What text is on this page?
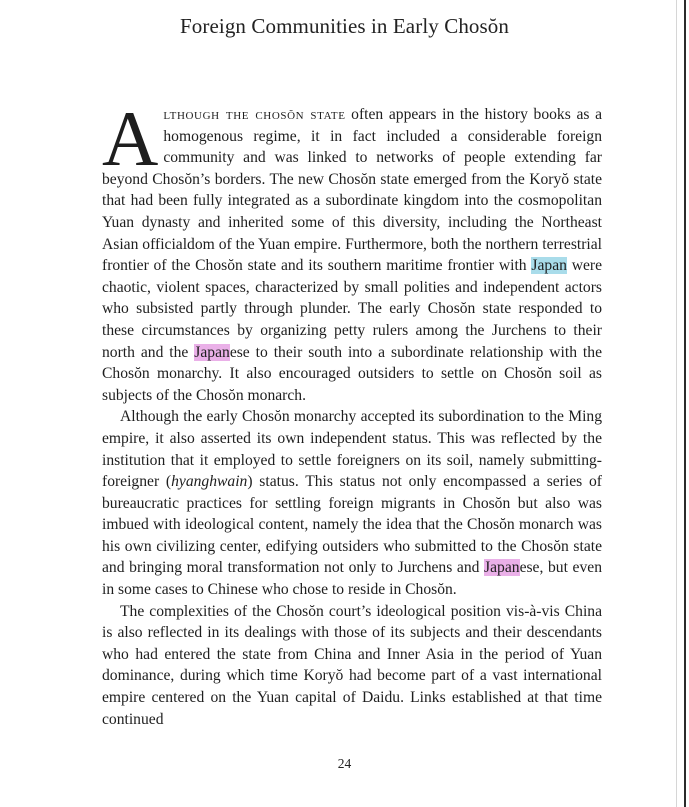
Foreign Communities in Early Chosŏn

Although the chosŏn state often appears in the history books as a homogenous regime, it in fact included a considerable foreign community and was linked to networks of people extending far beyond Chosŏn’s borders. The new Chosŏn state emerged from the Koryŏ state that had been fully integrated as a subordinate kingdom into the cosmopolitan Yuan dynasty and inherited some of this diversity, including the Northeast Asian officialdom of the Yuan empire. Furthermore, both the northern terrestrial frontier of the Chosŏn state and its southern maritime frontier with Japan were chaotic, violent spaces, characterized by small polities and independent actors who subsisted partly through plunder. The early Chosŏn state responded to these circumstances by organizing petty rulers among the Jurchens to their north and the Japanese to their south into a subordinate relationship with the Chosŏn monarchy. It also encouraged outsiders to settle on Chosŏn soil as subjects of the Chosŏn monarch.

Although the early Chosŏn monarchy accepted its subordination to the Ming empire, it also asserted its own independent status. This was reflected by the institution that it employed to settle foreigners on its soil, namely submitting-foreigner (hyanghwain) status. This status not only encompassed a series of bureaucratic practices for settling foreign migrants in Chosŏn but also was imbued with ideological content, namely the idea that the Chosŏn monarch was his own civilizing center, edifying outsiders who submitted to the Chosŏn state and bringing moral transformation not only to Jurchens and Japanese, but even in some cases to Chinese who chose to reside in Chosŏn.

The complexities of the Chosŏn court’s ideological position vis-à-vis China is also reflected in its dealings with those of its subjects and their descendants who had entered the state from China and Inner Asia in the period of Yuan dominance, during which time Koryŏ had become part of a vast international empire centered on the Yuan capital of Daidu. Links established at that time continued

24
